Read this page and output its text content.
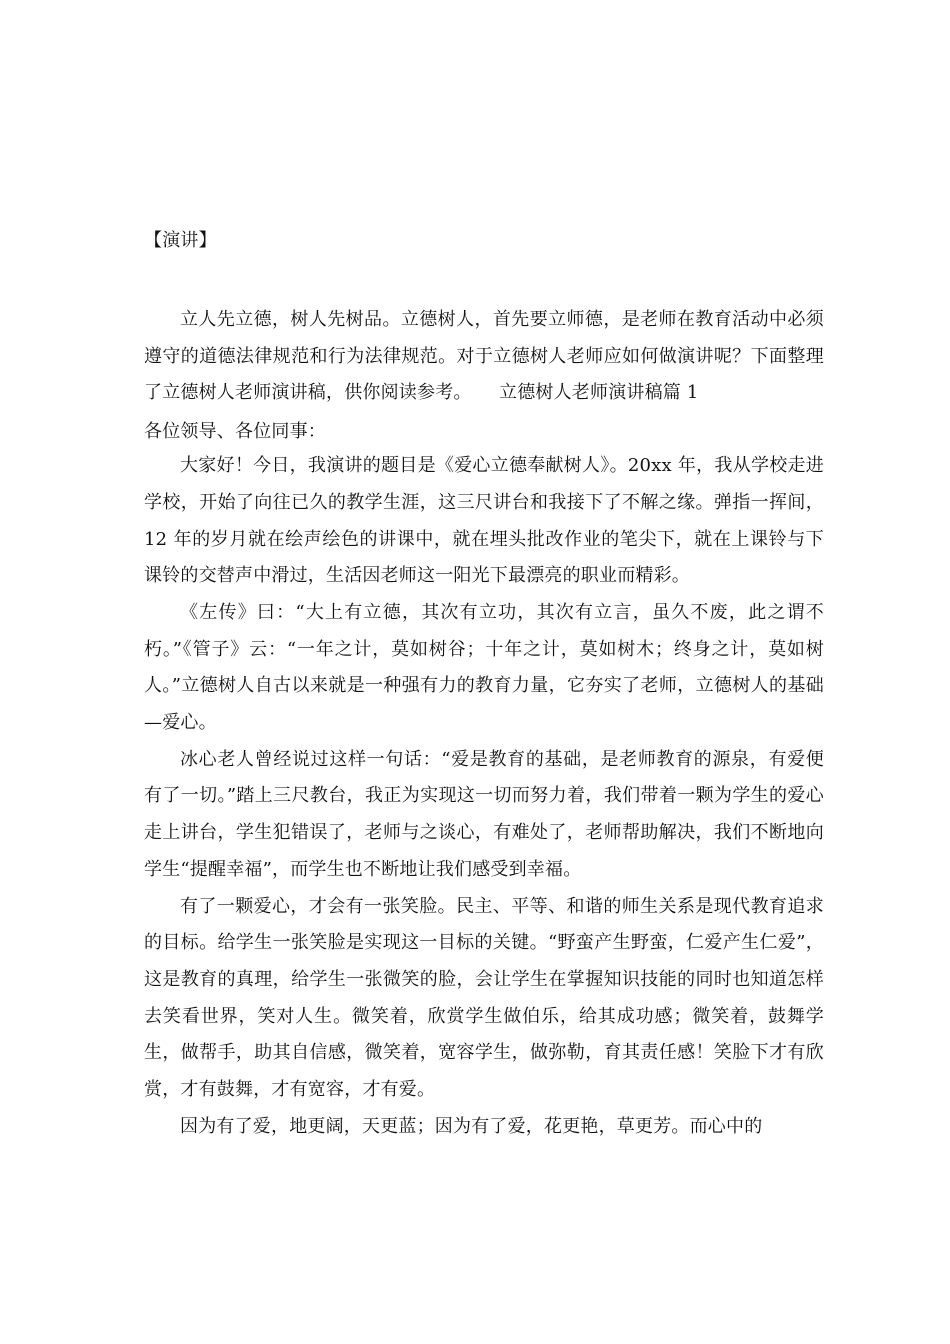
【演讲】

立人先立德，树人先树品。立德树人，首先要立师德，是老师在教育活动中必须遵守的道德法律规范和行为法律规范。对于立德树人老师应如何做演讲呢？下面整理了立德树人老师演讲稿，供你阅读参考。　　立德树人老师演讲稿篇 1

各位领导、各位同事：

大家好！今日，我演讲的题目是《爱心立德奉献树人》。20xx 年，我从学校走进学校，开始了向往已久的教学生涯，这三尺讲台和我接下了不解之缘。弹指一挥间，12 年的岁月就在绘声绘色的讲课中，就在埋头批改作业的笔尖下，就在上课铃与下课铃的交替声中滑过，生活因老师这一阳光下最漂亮的职业而精彩。

《左传》曰：“大上有立德，其次有立功，其次有立言，虽久不废，此之谓不朽。”《管子》云：“一年之计，莫如树谷；十年之计，莫如树木；终身之计，莫如树人。”立德树人自古以来就是一种强有力的教育力量，它夯实了老师，立德树人的基础—爱心。

冰心老人曾经说过这样一句话：“爱是教育的基础，是老师教育的源泉，有爱便有了一切。”踏上三尺教台，我正为实现这一切而努力着，我们带着一颗为学生的爱心走上讲台，学生犯错误了，老师与之谈心，有难处了，老师帮助解决，我们不断地向学生“提醒幸福”，而学生也不断地让我们感受到幸福。

有了一颗爱心，才会有一张笑脸。民主、平等、和谐的师生关系是现代教育追求的目标。给学生一张笑脸是实现这一目标的关键。“野蛮产生野蛮，仁爱产生仁爱”，这是教育的真理，给学生一张微笑的脸，会让学生在掌握知识技能的同时也知道怎样去笑看世界，笑对人生。微笑着，欣赏学生做伯乐，给其成功感；微笑着，鼓舞学生，做帮手，助其自信感，微笑着，宽容学生，做弥勒，育其责任感！笑脸下才有欣赏，才有鼓舞，才有宽容，才有爱。

因为有了爱，地更阔，天更蓝；因为有了爱，花更艳，草更芳。而心中的
